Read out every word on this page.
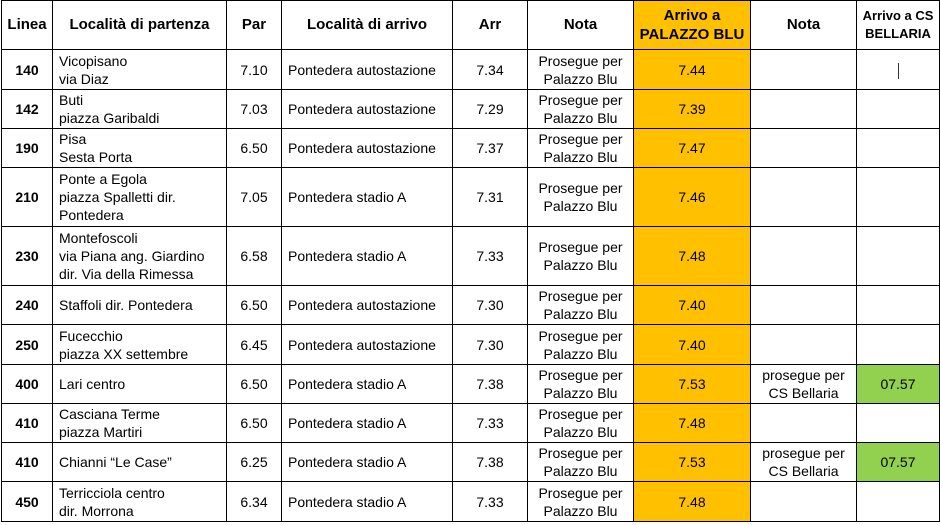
Linea	Località di partenza	Par	Località di arrivo	Arr	Nota	Arrivo a
PALAZZO BLU	Nota	Arrivo a CS
BELLARIA

140	Vicopisano
via Diaz	7.10	Pontedera autostazione	7.34	Prosegue per
Palazzo Blu	7.44		
142	Buti
piazza Garibaldi	7.03	Pontedera autostazione	7.29	Prosegue per
Palazzo Blu	7.39		
190	Pisa
Sesta Porta	6.50	Pontedera autostazione	7.37	Prosegue per
Palazzo Blu	7.47		
210	Ponte a Egola
piazza Spalletti dir.
Pontedera	7.05	Pontedera stadio A	7.31	Prosegue per
Palazzo Blu	7.46		
230	Montefoscoli
via Piana ang. Giardino
dir. Via della Rimessa	6.58	Pontedera stadio A	7.33	Prosegue per
Palazzo Blu	7.48		
240	Staffoli dir. Pontedera	6.50	Pontedera autostazione	7.30	Prosegue per
Palazzo Blu	7.40		
250	Fucecchio
piazza XX settembre	6.45	Pontedera autostazione	7.30	Prosegue per
Palazzo Blu	7.40		
400	Lari centro	6.50	Pontedera stadio A	7.38	Prosegue per
Palazzo Blu	7.53	prosegue per
CS Bellaria	07.57
410	Casciana Terme
piazza Martiri	6.50	Pontedera stadio A	7.33	Prosegue per
Palazzo Blu	7.48		
410	Chianni “Le Case”	6.25	Pontedera stadio A	7.38	Prosegue per
Palazzo Blu	7.53	prosegue per
CS Bellaria	07.57
450	Terricciola centro
dir. Morrona	6.34	Pontedera stadio A	7.33	Prosegue per
Palazzo Blu	7.48		
